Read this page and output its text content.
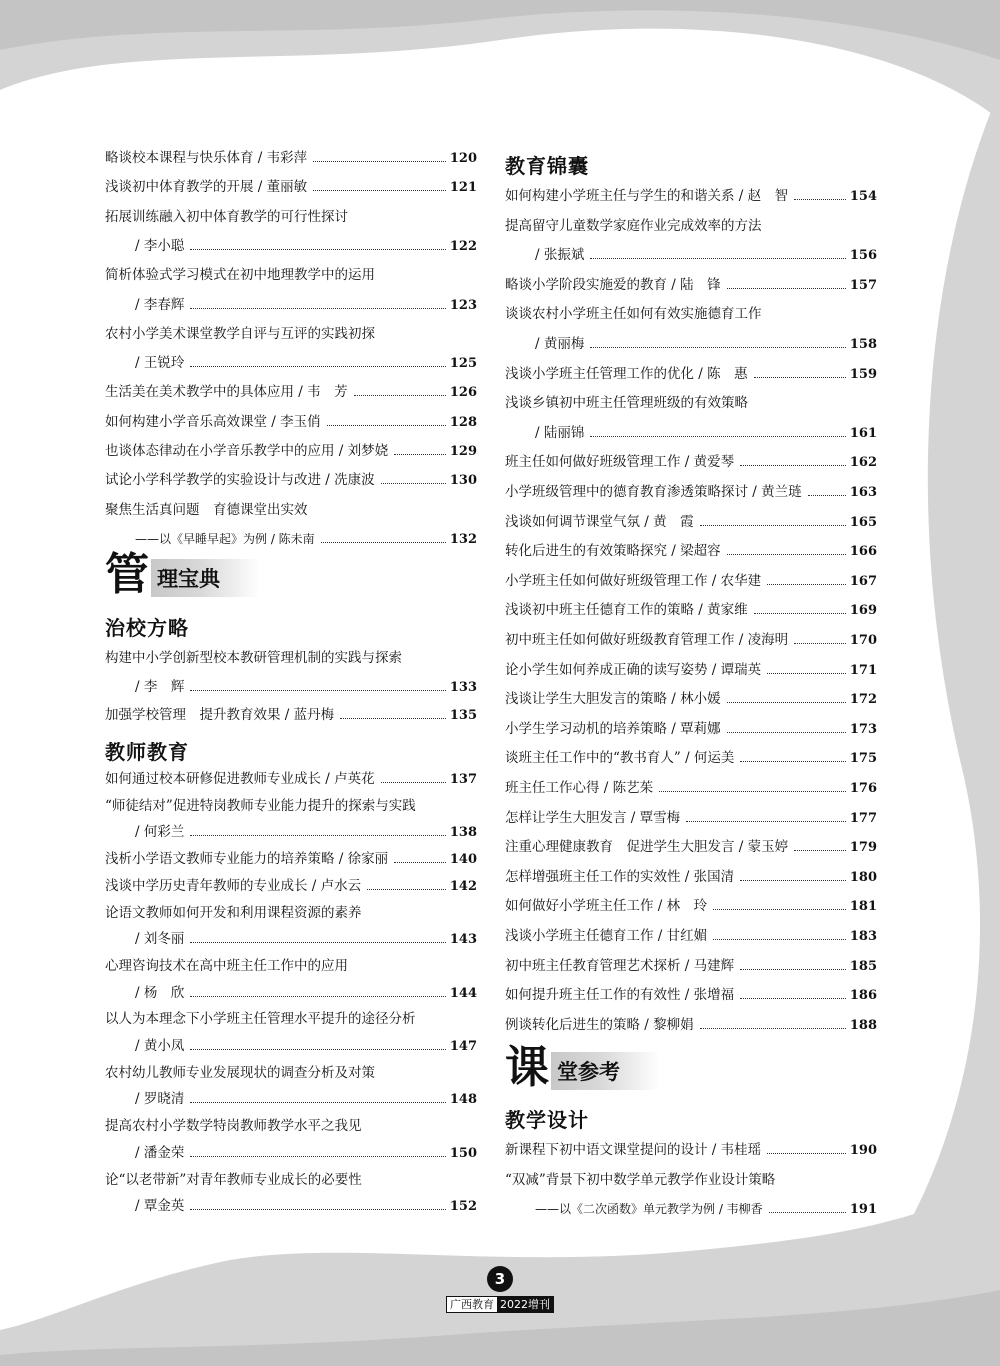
略谈校本课程与快乐体育 / 韦彩萍	120
浅谈初中体育教学的开展 / 董丽敏	121
拓展训练融入初中体育教学的可行性探讨
/ 李小聪	122
简析体验式学习模式在初中地理教学中的运用
/ 李春辉	123
农村小学美术课堂教学自评与互评的实践初探
/ 王锐玲	125
生活美在美术教学中的具体应用 / 韦　芳	126
如何构建小学音乐高效课堂 / 李玉俏	128
也谈体态律动在小学音乐教学中的应用 / 刘梦娆	129
试论小学科学教学的实验设计与改进 / 冼康波	130
聚焦生活真问题　育德课堂出实效
——以《早睡早起》为例 / 陈未南	132
管 理宝典
治校方略
构建中小学创新型校本教研管理机制的实践与探索
/ 李　辉	133
加强学校管理　提升教育效果 / 蓝丹梅	135
教师教育
如何通过校本研修促进教师专业成长 / 卢英花	137
“师徒结对”促进特岗教师专业能力提升的探索与实践
/ 何彩兰	138
浅析小学语文教师专业能力的培养策略 / 徐家丽	140
浅谈中学历史青年教师的专业成长 / 卢水云	142
论语文教师如何开发和利用课程资源的素养
/ 刘冬丽	143
心理咨询技术在高中班主任工作中的应用
/ 杨　欣	144
以人为本理念下小学班主任管理水平提升的途径分析
/ 黄小凤	147
农村幼儿教师专业发展现状的调查分析及对策
/ 罗晓清	148
提高农村小学数学特岗教师教学水平之我见
/ 潘金荣	150
论“以老带新”对青年教师专业成长的必要性
/ 覃金英	152
教育锦囊
如何构建小学班主任与学生的和谐关系 / 赵　智	154
提高留守儿童数学家庭作业完成效率的方法
/ 张振斌	156
略谈小学阶段实施爱的教育 / 陆　锋	157
谈谈农村小学班主任如何有效实施德育工作
/ 黄丽梅	158
浅谈小学班主任管理工作的优化 / 陈　惠	159
浅谈乡镇初中班主任管理班级的有效策略
/ 陆丽锦	161
班主任如何做好班级管理工作 / 黄爱琴	162
小学班级管理中的德育教育渗透策略探讨 / 黄兰琏	163
浅谈如何调节课堂气氛 / 黄　霞	165
转化后进生的有效策略探究 / 梁超容	166
小学班主任如何做好班级管理工作 / 农华建	167
浅谈初中班主任德育工作的策略 / 黄家维	169
初中班主任如何做好班级教育管理工作 / 凌海明	170
论小学生如何养成正确的读写姿势 / 谭瑞英	171
浅谈让学生大胆发言的策略 / 林小媛	172
小学生学习动机的培养策略 / 覃莉娜	173
谈班主任工作中的“教书育人” / 何运美	175
班主任工作心得 / 陈艺茱	176
怎样让学生大胆发言 / 覃雪梅	177
注重心理健康教育　促进学生大胆发言 / 蒙玉婷	179
怎样增强班主任工作的实效性 / 张国清	180
如何做好小学班主任工作 / 林　玲	181
浅谈小学班主任德育工作 / 甘红媚	183
初中班主任教育管理艺术探析 / 马建辉	185
如何提升班主任工作的有效性 / 张增福	186
例谈转化后进生的策略 / 黎柳娟	188
课 堂参考
教学设计
新课程下初中语文课堂提问的设计 / 韦桂瑶	190
“双减”背景下初中数学单元教学作业设计策略
——以《二次函数》单元教学为例 / 韦柳香	191
3
广西教育 2022增刊
